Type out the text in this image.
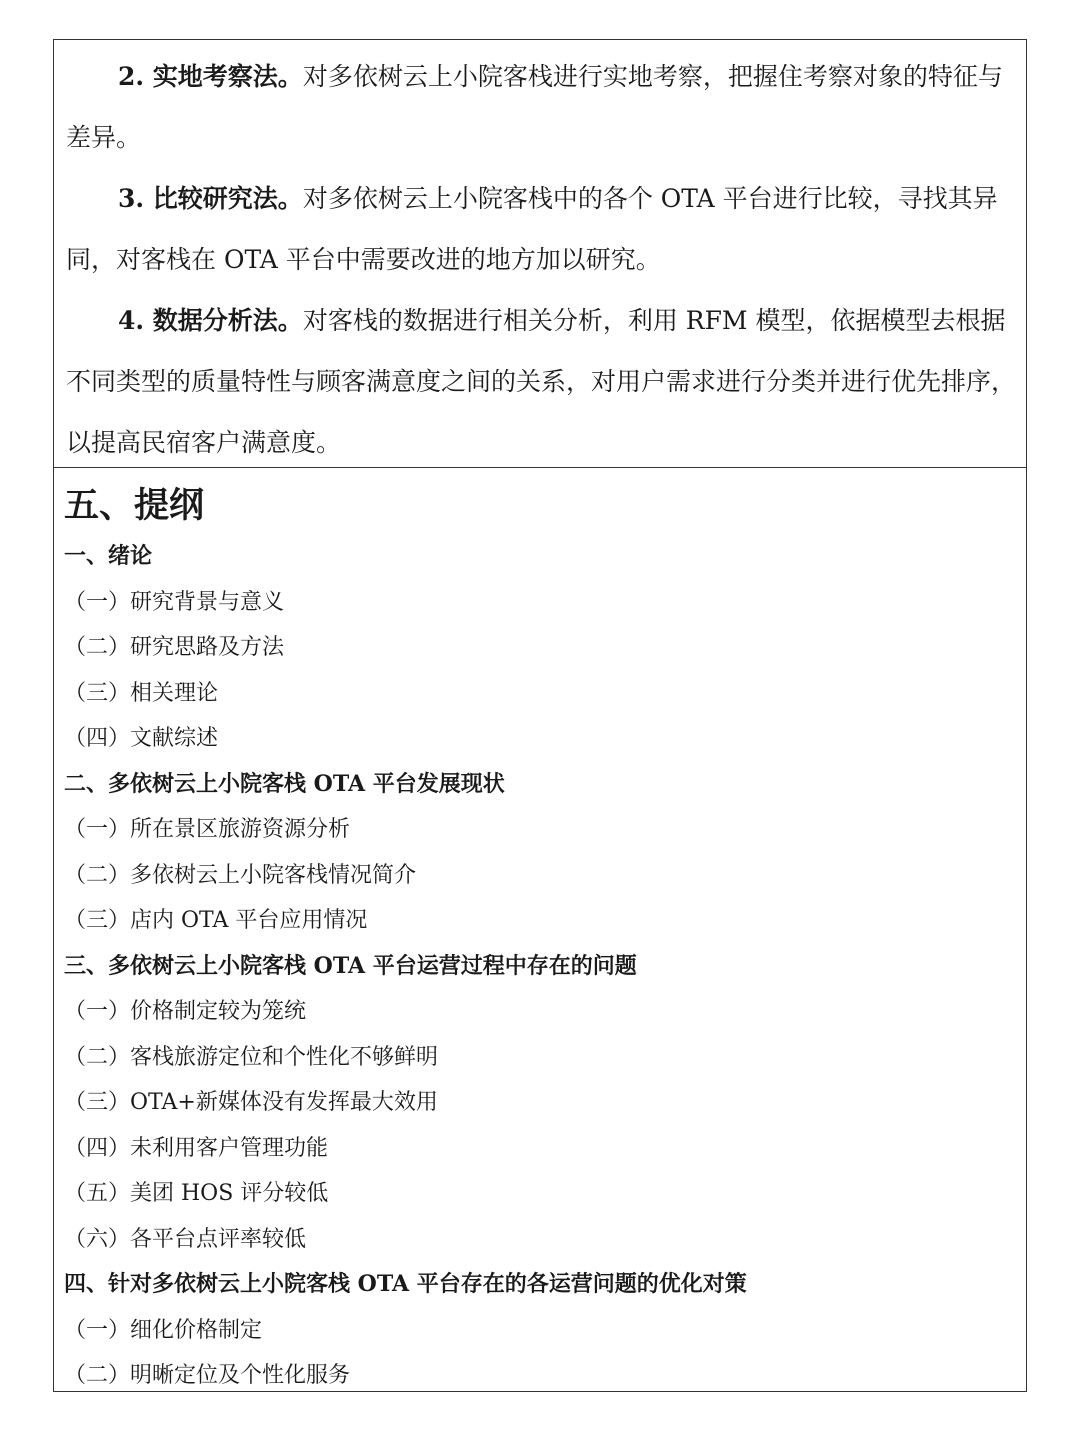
2. 实地考察法。对多依树云上小院客栈进行实地考察，把握住考察对象的特征与差异。

3. 比较研究法。对多依树云上小院客栈中的各个 OTA 平台进行比较，寻找其异同，对客栈在 OTA 平台中需要改进的地方加以研究。

4. 数据分析法。对客栈的数据进行相关分析，利用 RFM 模型，依据模型去根据不同类型的质量特性与顾客满意度之间的关系，对用户需求进行分类并进行优先排序，以提高民宿客户满意度。

五、提纲
一、绪论
（一）研究背景与意义
（二）研究思路及方法
（三）相关理论
（四）文献综述
二、多依树云上小院客栈 OTA 平台发展现状
（一）所在景区旅游资源分析
（二）多依树云上小院客栈情况简介
（三）店内 OTA 平台应用情况
三、多依树云上小院客栈 OTA 平台运营过程中存在的问题
（一）价格制定较为笼统
（二）客栈旅游定位和个性化不够鲜明
（三）OTA+新媒体没有发挥最大效用
（四）未利用客户管理功能
（五）美团 HOS 评分较低
（六）各平台点评率较低
四、针对多依树云上小院客栈 OTA 平台存在的各运营问题的优化对策
（一）细化价格制定
（二）明晰定位及个性化服务
